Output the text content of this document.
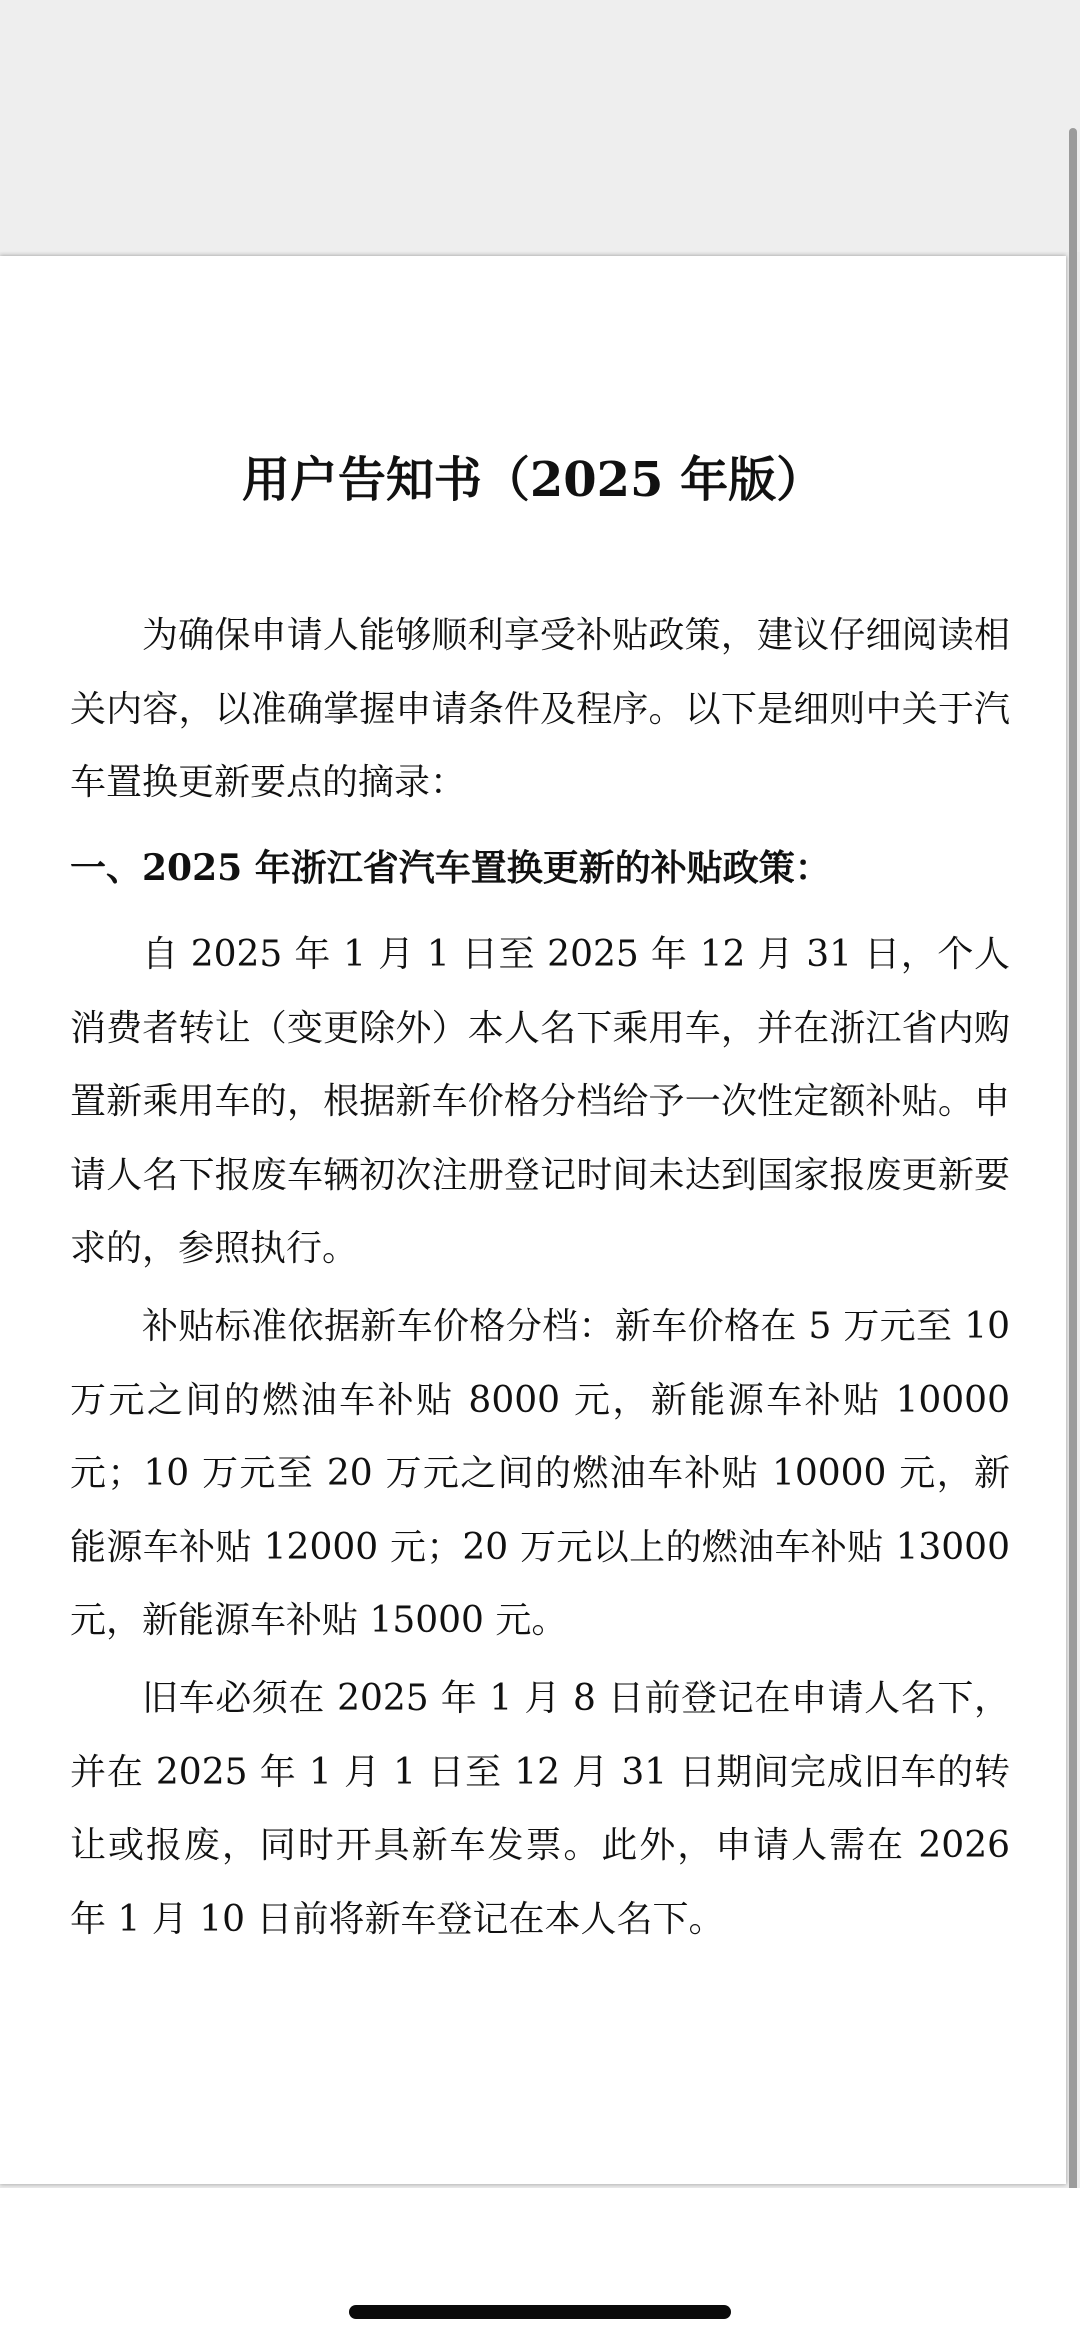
用户告知书（2025 年版）

为确保申请人能够顺利享受补贴政策，建议仔细阅读相关内容，以准确掌握申请条件及程序。以下是细则中关于汽车置换更新要点的摘录：

一、2025 年浙江省汽车置换更新的补贴政策：

自 2025 年 1 月 1 日至 2025 年 12 月 31 日，个人消费者转让（变更除外）本人名下乘用车，并在浙江省内购置新乘用车的，根据新车价格分档给予一次性定额补贴。申请人名下报废车辆初次注册登记时间未达到国家报废更新要求的，参照执行。

补贴标准依据新车价格分档：新车价格在 5 万元至 10 万元之间的燃油车补贴 8000 元，新能源车补贴 10000 元；10 万元至 20 万元之间的燃油车补贴 10000 元，新能源车补贴 12000 元；20 万元以上的燃油车补贴 13000 元，新能源车补贴 15000 元。

旧车必须在 2025 年 1 月 8 日前登记在申请人名下，并在 2025 年 1 月 1 日至 12 月 31 日期间完成旧车的转让或报废，同时开具新车发票。此外，申请人需在 2026 年 1 月 10 日前将新车登记在本人名下。
